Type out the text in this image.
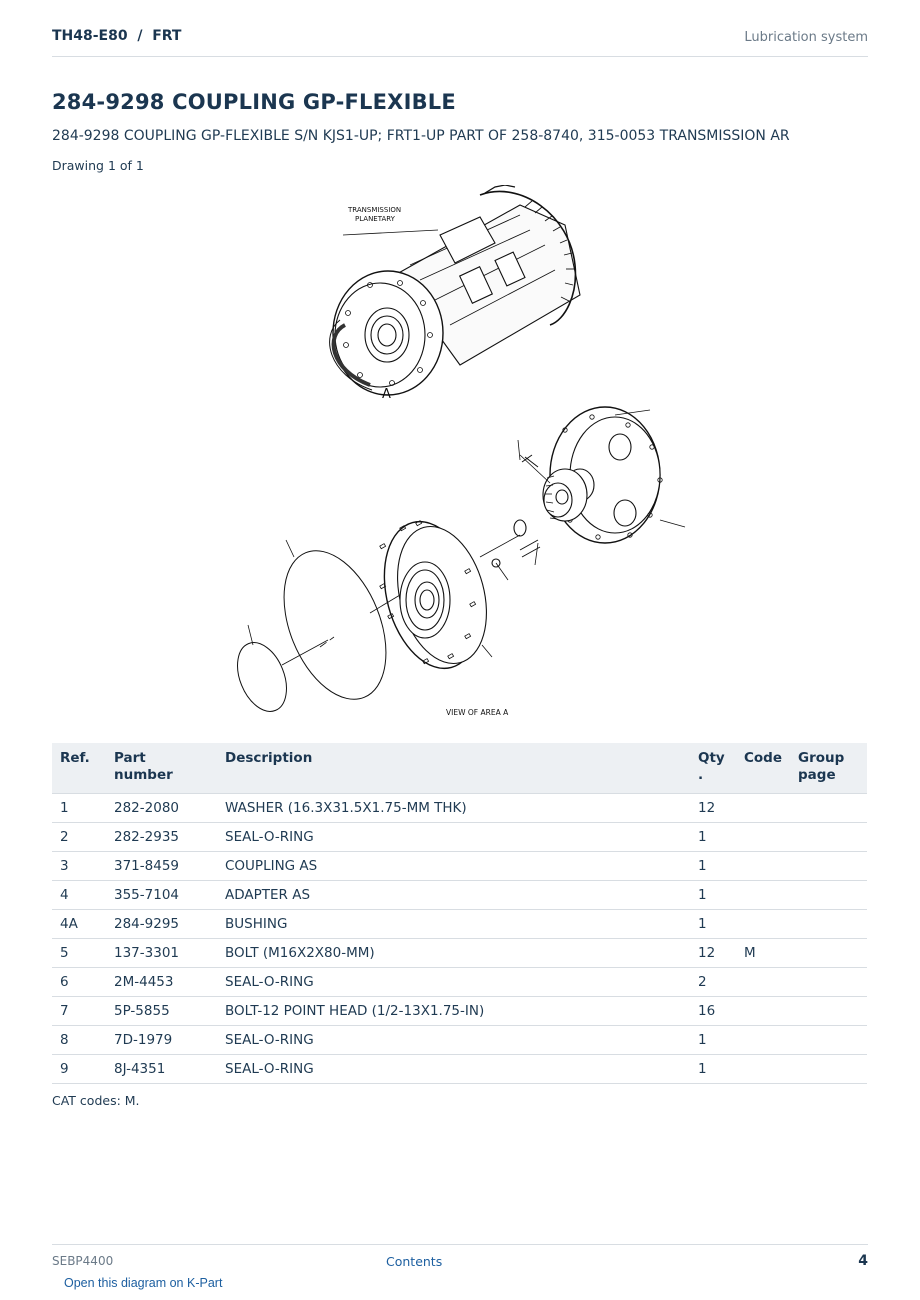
TH48-E80  /  FRT	Lubrication system
284-9298 COUPLING GP-FLEXIBLE
284-9298 COUPLING GP-FLEXIBLE S/N KJS1-UP; FRT1-UP PART OF 258-8740, 315-0053 TRANSMISSION AR
Drawing 1 of 1
TRANSMISSION
PLANETARY
A
VIEW OF AREA A
Ref.	Part number	Description	Qty .	Code	Group page
1	282-2080	WASHER (16.3X31.5X1.75-MM THK)	12		
2	282-2935	SEAL-O-RING	1		
3	371-8459	COUPLING AS	1		
4	355-7104	ADAPTER AS	1		
4A	284-9295	BUSHING	1		
5	137-3301	BOLT (M16X2X80-MM)	12	M	
6	2M-4453	SEAL-O-RING	2		
7	5P-5855	BOLT-12 POINT HEAD (1/2-13X1.75-IN)	16		
8	7D-1979	SEAL-O-RING	1		
9	8J-4351	SEAL-O-RING	1		
CAT codes: M.
SEBP4400	Contents	4
Open this diagram on K-Part
